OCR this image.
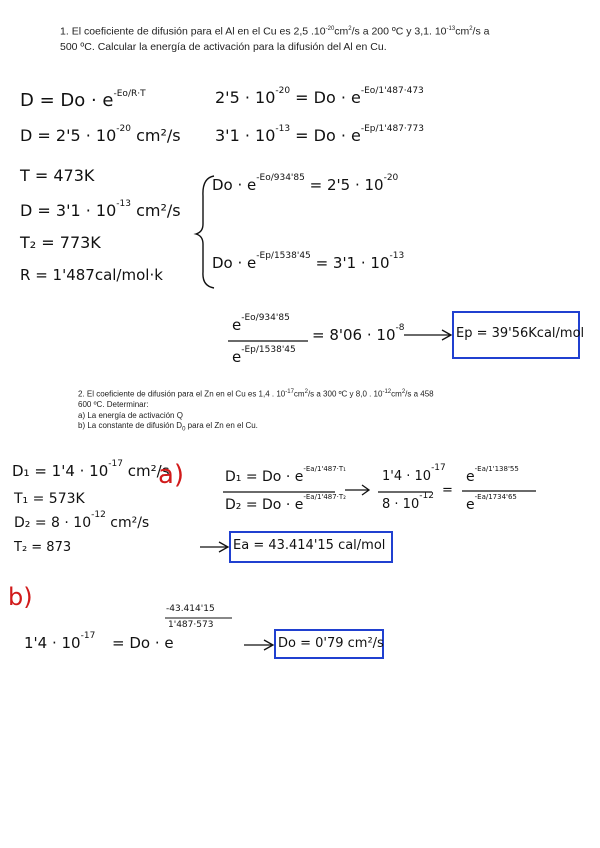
1. El coeficiente de difusión para el Al en el Cu es 2,5 $.10^{-20}cm^2/s$ a 200 ºC y 3,1. $10^{-13}cm^2/s$ a
500 ºC. Calcular la energía de activación para la difusión del Al en Cu.
$D = Do \cdot e^{-Eo/R\cdot T}$
$D = 2'5 \cdot 10^{-20}$ cm²/s
T = 473K
$D = 3'1 \cdot 10^{-13}$ cm²/s
T₂ = 773K
R = 1'487cal/mol·k
$2'5 \cdot 10^{-20} = Do \cdot e^{-Eo/1'487\cdot 473}$
$3'1 \cdot 10^{-13} = Do \cdot e^{-Ep/1'487\cdot 773}$
$Do \cdot e^{-Eo/934'85} = 2'5 \cdot 10^{-20}$
$Do \cdot e^{-Ep/1538'45} = 3'1 \cdot 10^{-13}$
$e^{-Eo/934'85}$
$e^{-Ep/1538'45}$
= $8'06 \cdot 10^{-8}$	Ep = 39'56Kcal/mol
2. El coeficiente de difusión para el Zn en el Cu es 1,4 . $10^{-17}cm^2/s$ a 300 ºC y 8,0 . $10^{-12}cm^2/s$ a 458
600 ºC. Determinar:
a) La energía de activación Q
b) La constante de difusión $D_0$ para el Zn en el Cu.
$D_1 = 1'4 \cdot 10^{-17}$ cm²/s
T₁ = 573K
$D_2 = 8 \cdot 10^{-12}$ cm²/s
T₂ = 873
a)	$D_1 = Do \cdot e^{-Ea/1'487\cdot T_1}$
$D_2 = Do \cdot e^{-Ea/1'487\cdot T_2}$
$1'4 \cdot 10^{-17}$
$8 \cdot 10^{-12}$ =
$e^{-Ea/1'138'55}$
$e^{-Ea/1734'65}$
Ea = 43.414'15 cal/mol
b)
$1'4 \cdot 10^{-17} = Do \cdot e$
-43.414'15
1'487·573
Do = 0'79 cm²/s
